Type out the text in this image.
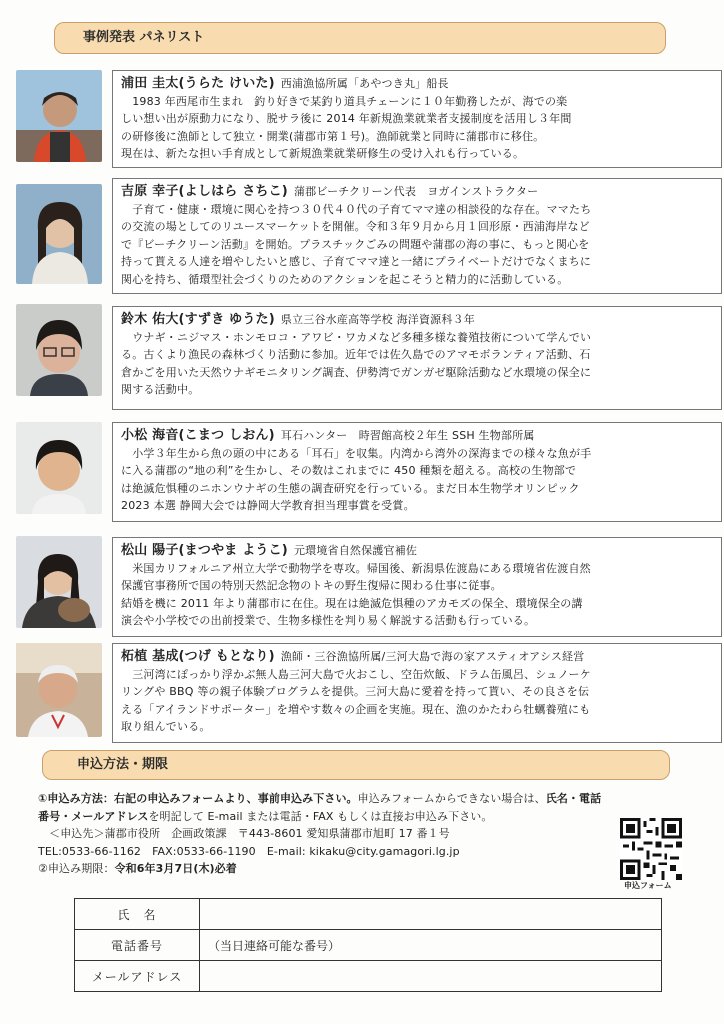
事例発表 パネリスト

浦田 圭太(うらた けいた) 西浦漁協所属「あやつき丸」船長

　1983 年西尾市生まれ　釣り好きで某釣り道具チェーンに１０年勤務したが、海での楽

しい想い出が原動力になり、脱サラ後に 2014 年新規漁業就業者支援制度を活用し３年間

の研修後に漁師として独立・開業(蒲郡市第１号)。漁師就業と同時に蒲郡市に移住。

現在は、新たな担い手育成として新規漁業就業研修生の受け入れも行っている。

吉原 幸子(よしはら さちこ) 蒲郡ビーチクリーン代表　ヨガインストラクター

　子育て・健康・環境に関心を持つ３０代４０代の子育てママ達の相談役的な存在。ママたち

の交流の場としてのリユースマーケットを開催。令和３年９月から月１回形原・西浦海岸など

で『ビーチクリーン活動』を開始。プラスチックごみの問題や蒲郡の海の事に、もっと関心を

持って貰える人達を増やしたいと感じ、子育てママ達と一緒にプライベートだけでなくまちに

関心を持ち、循環型社会づくりのためのアクションを起こそうと精力的に活動している。

鈴木 佑大(すずき ゆうた) 県立三谷水産高等学校 海洋資源科３年

　ウナギ・ニジマス・ホンモロコ・アワビ・ワカメなど多種多様な養殖技術について学んでい

る。古くより漁民の森林づくり活動に参加。近年では佐久島でのアマモボランティア活動、石

倉かごを用いた天然ウナギモニタリング調査、伊勢湾でガンガゼ駆除活動など水環境の保全に

関する活動中。

小松 海音(こまつ しおん) 耳石ハンター　時習館高校２年生 SSH 生物部所属

　小学３年生から魚の頭の中にある「耳石」を収集。内湾から湾外の深海までの様々な魚が手

に入る蒲郡の“地の利”を生かし、その数はこれまでに 450 種類を超える。高校の生物部で

は絶滅危惧種のニホンウナギの生態の調査研究を行っている。まだ日本生物学オリンピック

2023 本選 静岡大会では静岡大学教育担当理事賞を受賞。

松山 陽子(まつやま ようこ) 元環境省自然保護官補佐

　米国カリフォルニア州立大学で動物学を専攻。帰国後、新潟県佐渡島にある環境省佐渡自然

保護官事務所で国の特別天然記念物のトキの野生復帰に関わる仕事に従事。

結婚を機に 2011 年より蒲郡市に在住。現在は絶滅危惧種のアカモズの保全、環境保全の講

演会や小学校での出前授業で、生物多様性を判り易く解説する活動も行っている。

柘植 基成(つげ もとなり) 漁師・三谷漁協所属/三河大島で海の家アスティオアシス経営

　三河湾にぽっかり浮かぶ無人島三河大島で火おこし、空缶炊飯、ドラム缶風呂、シュノーケ

リングや BBQ 等の親子体験プログラムを提供。三河大島に愛着を持って貰い、その良さを伝

える「アイランドサポーター」を増やす数々の企画を実施。現在、漁のかたわら牡蠣養殖にも

取り組んでいる。

申込方法・期限

①申込み方法：右記の申込みフォームより、事前申込み下さい。申込みフォームからできない場合は、氏名・電話

番号・メールアドレスを明記して E-mail または電話・FAX もしくは直接お申込み下さい。

　＜申込先＞蒲郡市役所　企画政策課　〒443-8601 愛知県蒲郡市旭町 17 番１号

TEL:0533-66-1162　FAX:0533-66-1190　E-mail: kikaku@city.gamagori.lg.jp

②申込み期限：令和6年3月7日(木)必着

申込フォーム
氏　名	
電話番号	（当日連絡可能な番号）
メールアドレス	
